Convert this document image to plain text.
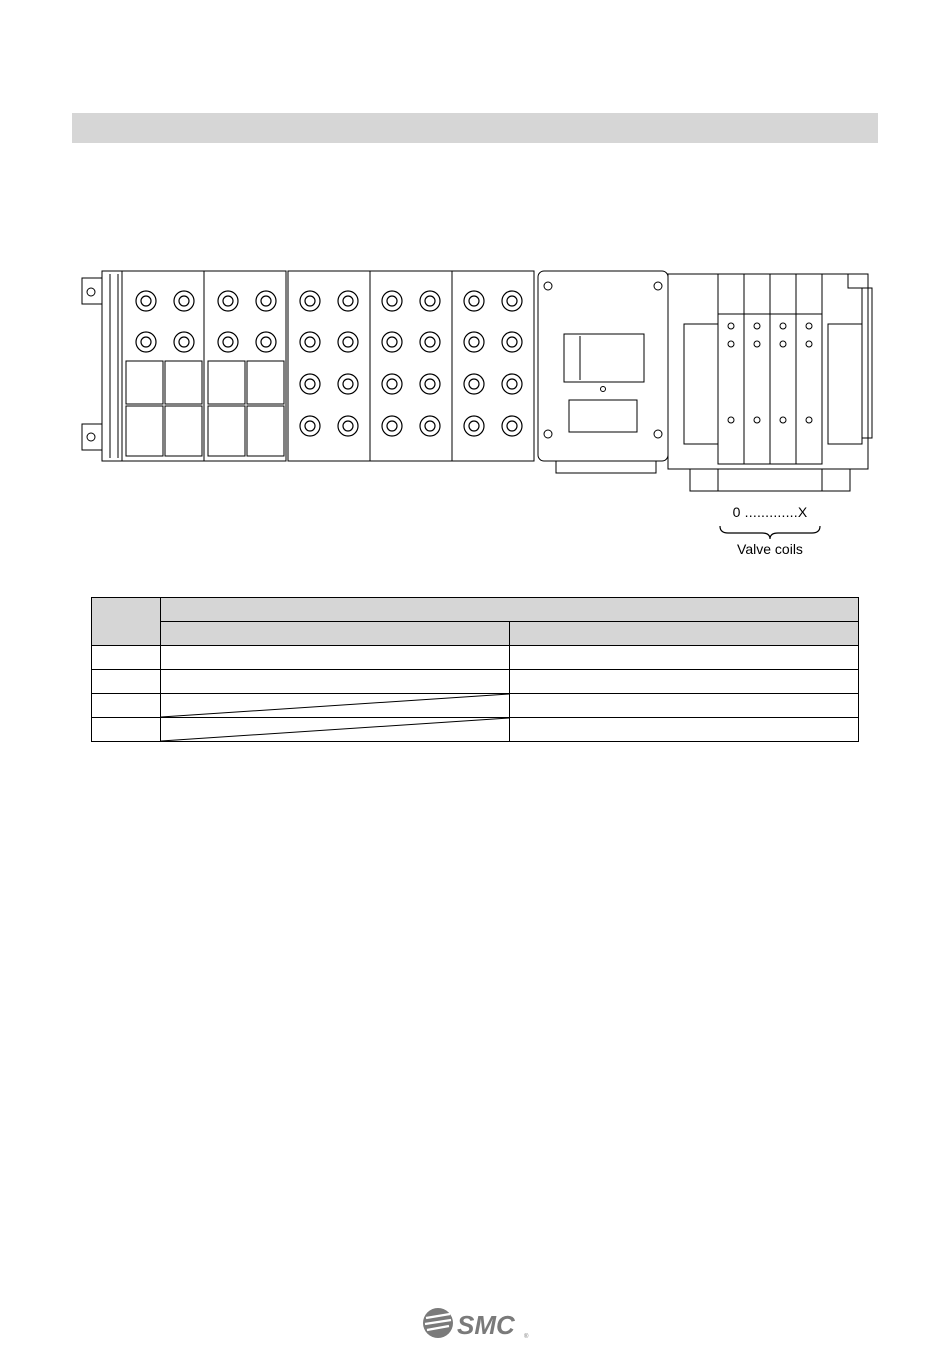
0 .............X
Valve coils

SMC ®
